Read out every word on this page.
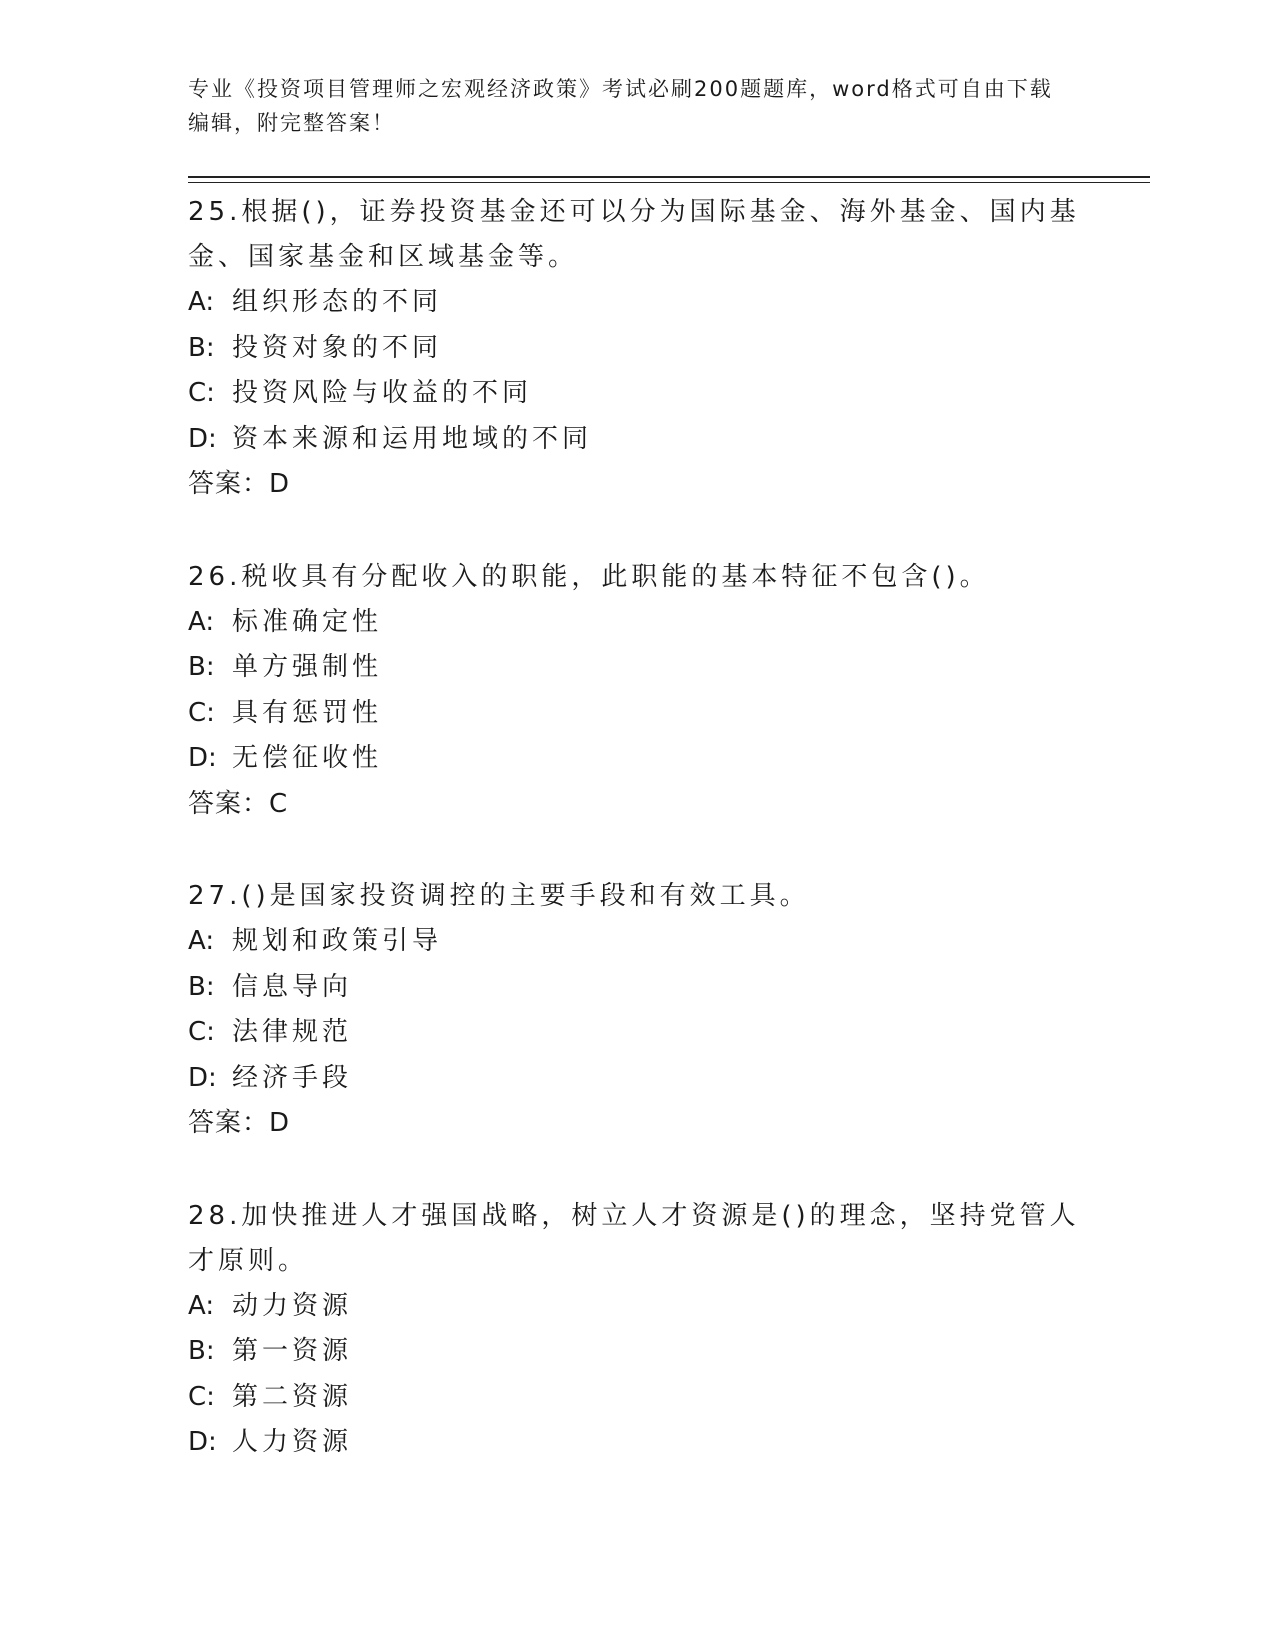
专业《投资项目管理师之宏观经济政策》考试必刷200题题库，word格式可自由下载编辑，附完整答案！
25.根据()，证券投资基金还可以分为国际基金、海外基金、国内基金、国家基金和区域基金等。
A: 组织形态的不同
B: 投资对象的不同
C: 投资风险与收益的不同
D: 资本来源和运用地域的不同
答案：D
26.税收具有分配收入的职能，此职能的基本特征不包含()。
A: 标准确定性
B: 单方强制性
C: 具有惩罚性
D: 无偿征收性
答案：C
27.()是国家投资调控的主要手段和有效工具。
A: 规划和政策引导
B: 信息导向
C: 法律规范
D: 经济手段
答案：D
28.加快推进人才强国战略，树立人才资源是()的理念，坚持党管人才原则。
A: 动力资源
B: 第一资源
C: 第二资源
D: 人力资源
